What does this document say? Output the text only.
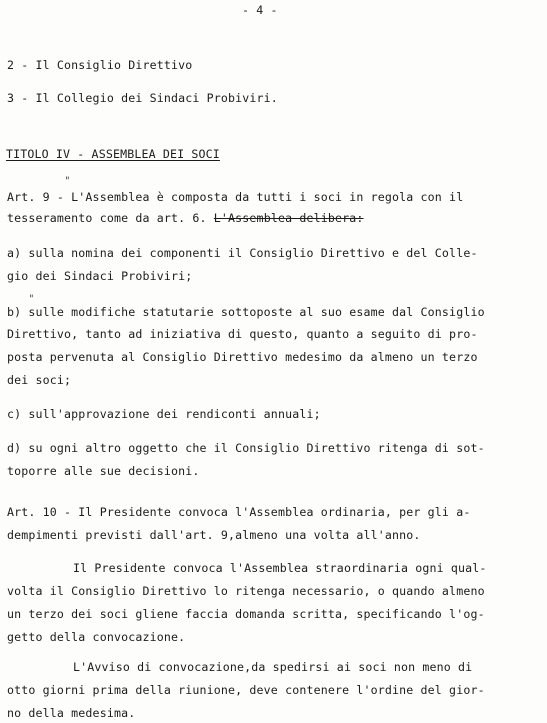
- 4 -
2 - Il Consiglio Direttivo
3 - Il Collegio dei Sindaci Probiviri.
TITOLO IV - ASSEMBLEA DEI SOCI
"
Art. 9 - L'Assemblea è composta da tutti i soci in regola con il
tesseramento come da art. 6. L'Assemblea delibera:
a) sulla nomina dei componenti il Consiglio Direttivo e del Colle-
gio dei Sindaci Probiviri;
"
b) sulle modifiche statutarie sottoposte al suo esame dal Consiglio
Direttivo, tanto ad iniziativa di questo, quanto a seguito di pro-
posta pervenuta al Consiglio Direttivo medesimo da almeno un terzo
dei soci;
c) sull'approvazione dei rendiconti annuali;
d) su ogni altro oggetto che il Consiglio Direttivo ritenga di sot-
toporre alle sue decisioni.
Art. 10 - Il Presidente convoca l'Assemblea ordinaria, per gli a-
dempimenti previsti dall'art. 9,almeno una volta all'anno.
Il Presidente convoca l'Assemblea straordinaria ogni qual-
volta il Consiglio Direttivo lo ritenga necessario, o quando almeno
un terzo dei soci gliene faccia domanda scritta, specificando l'og-
getto della convocazione.
L'Avviso di convocazione,da spedirsi ai soci non meno di
otto giorni prima della riunione, deve contenere l'ordine del gior-
no della medesima.
